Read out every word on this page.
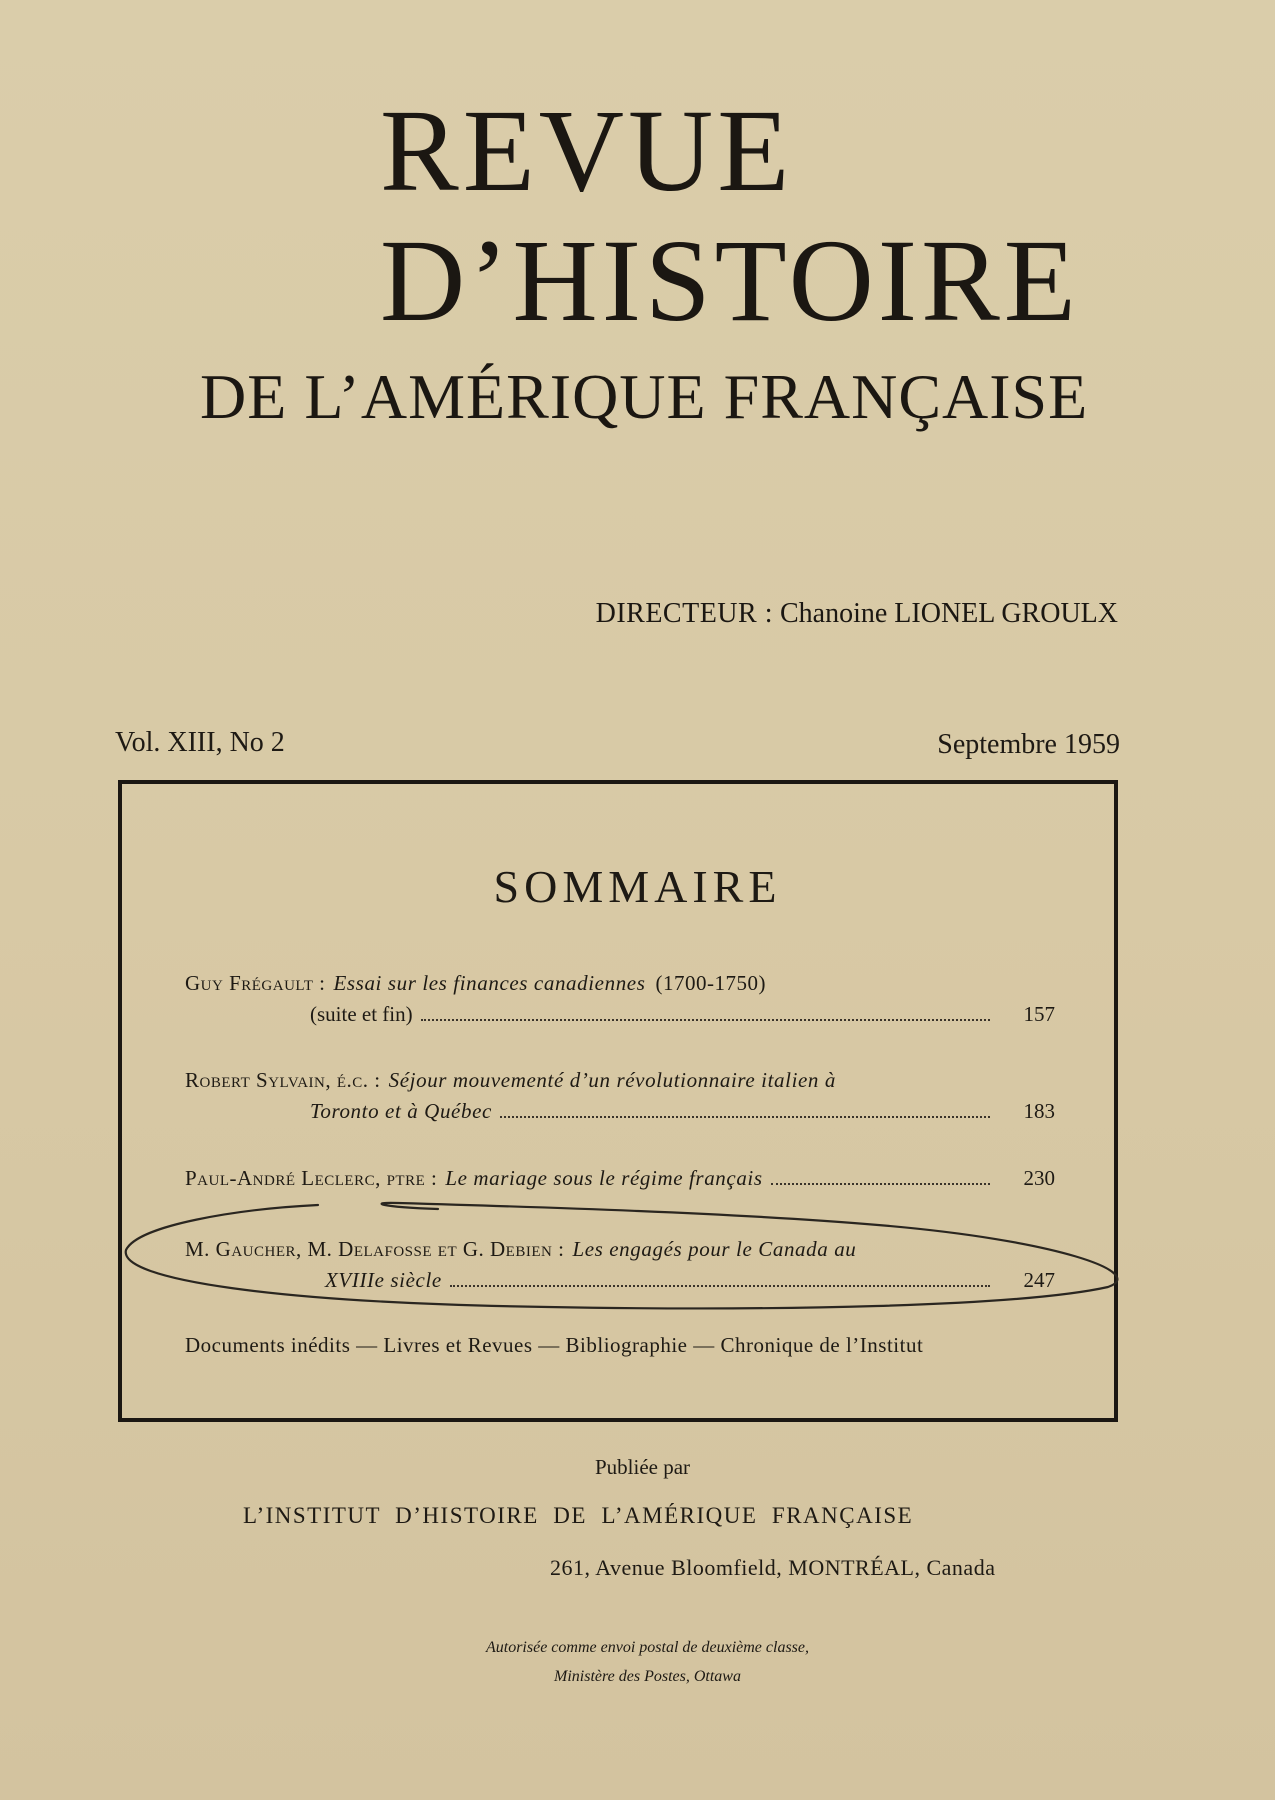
REVUE
D’HISTOIRE
DE L’AMÉRIQUE FRANÇAISE
DIRECTEUR : Chanoine LIONEL GROULX
Vol. XIII, No 2	Septembre 1959
SOMMAIRE
Guy Frégault : Essai sur les finances canadiennes (1700-1750)
(suite et fin)	157
Robert Sylvain, é.c. : Séjour mouvementé d’un révolutionnaire italien à
Toronto et à Québec	183
Paul-André Leclerc, ptre : Le mariage sous le régime français	230
M. Gaucher, M. Delafosse et G. Debien : Les engagés pour le Canada au
XVIIIe siècle	247
Documents inédits — Livres et Revues — Bibliographie — Chronique de l’Institut
Publiée par
L’INSTITUT  D’HISTOIRE  DE  L’AMÉRIQUE  FRANÇAISE
261, Avenue Bloomfield, MONTRÉAL, Canada
Autorisée comme envoi postal de deuxième classe,
Ministère des Postes, Ottawa
